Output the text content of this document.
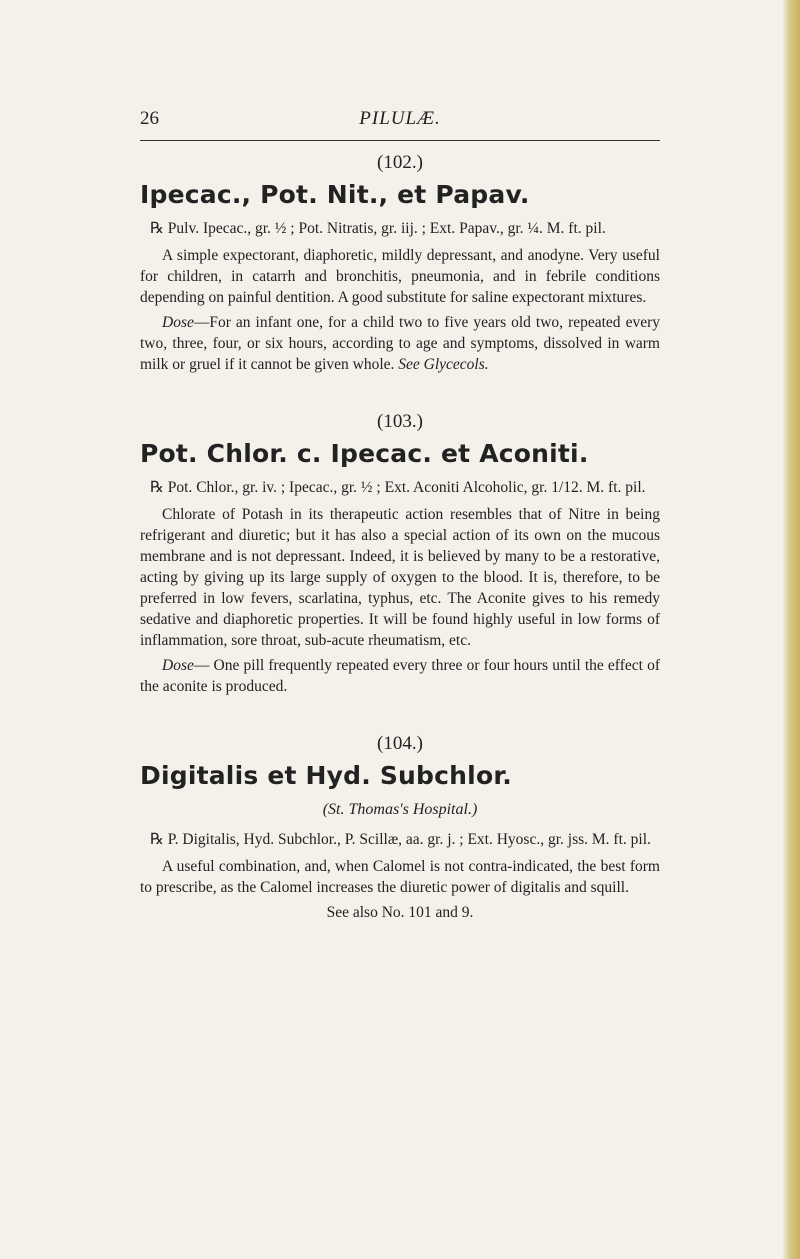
26	PILULÆ.

(102.)

Ipecac., Pot. Nit., et Papav.

℞ Pulv. Ipecac., gr. ½ ; Pot. Nitratis, gr. iij. ; Ext. Papav., gr. ¼. M. ft. pil.

A simple expectorant, diaphoretic, mildly depressant, and anodyne. Very useful for children, in catarrh and bronchitis, pneumonia, and in febrile conditions depending on painful dentition. A good substitute for saline expectorant mixtures.

Dose—For an infant one, for a child two to five years old two, repeated every two, three, four, or six hours, according to age and symptoms, dissolved in warm milk or gruel if it cannot be given whole. See Glycecols.

(103.)

Pot. Chlor. c. Ipecac. et Aconiti.

℞ Pot. Chlor., gr. iv. ; Ipecac., gr. ½ ; Ext. Aconiti Alcoholic, gr. 1/12. M. ft. pil.

Chlorate of Potash in its therapeutic action resembles that of Nitre in being refrigerant and diuretic; but it has also a special action of its own on the mucous membrane and is not depressant. Indeed, it is believed by many to be a restorative, acting by giving up its large supply of oxygen to the blood. It is, therefore, to be preferred in low fevers, scarlatina, typhus, etc. The Aconite gives to his remedy sedative and diaphoretic properties. It will be found highly useful in low forms of inflammation, sore throat, sub-acute rheumatism, etc.

Dose— One pill frequently repeated every three or four hours until the effect of the aconite is produced.

(104.)

Digitalis et Hyd. Subchlor.

(St. Thomas's Hospital.)

℞ P. Digitalis, Hyd. Subchlor., P. Scillæ, aa. gr. j. ; Ext. Hyosc., gr. jss. M. ft. pil.

A useful combination, and, when Calomel is not contra-indicated, the best form to prescribe, as the Calomel increases the diuretic power of digitalis and squill.

See also No. 101 and 9.
